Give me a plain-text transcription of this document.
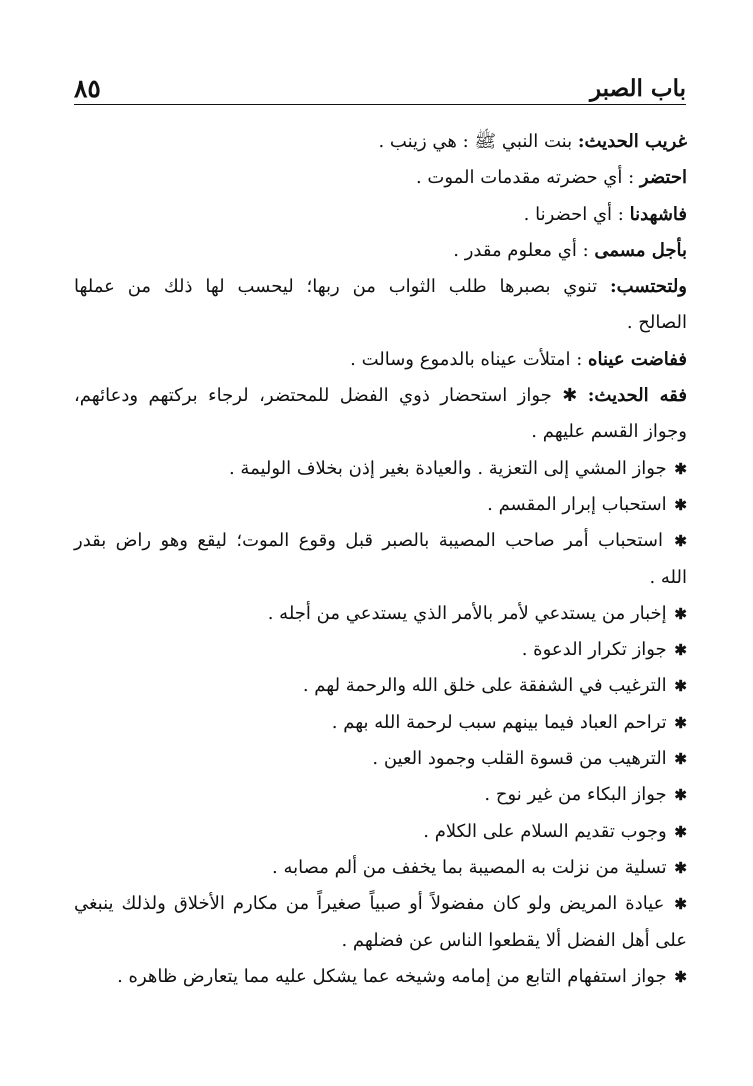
باب الصبر
٨٥
غريب الحديث: بنت النبي ﷺ : هي زينب .
احتضر : أي حضرته مقدمات الموت .
فاشهدنا : أي احضرنا .
بأجل مسمى : أي معلوم مقدر .
ولتحتسب: تنوي بصبرها طلب الثواب من ربها؛ ليحسب لها ذلك من عملها
الصالح .
ففاضت عيناه : امتلأت عيناه بالدموع وسالت .
فقه الحديث: ✱ جواز استحضار ذوي الفضل للمحتضر، لرجاء بركتهم ودعائهم،
وجواز القسم عليهم .
✱ جواز المشي إلى التعزية . والعيادة بغير إذن بخلاف الوليمة .
✱ استحباب إبرار المقسم .
✱ استحباب أمر صاحب المصيبة بالصبر قبل وقوع الموت؛ ليقع وهو راض بقدر
الله .
✱ إخبار من يستدعي لأمر بالأمر الذي يستدعي من أجله .
✱ جواز تكرار الدعوة .
✱ الترغيب في الشفقة على خلق الله والرحمة لهم .
✱ تراحم العباد فيما بينهم سبب لرحمة الله بهم .
✱ الترهيب من قسوة القلب وجمود العين .
✱ جواز البكاء من غير نوح .
✱ وجوب تقديم السلام على الكلام .
✱ تسلية من نزلت به المصيبة بما يخفف من ألم مصابه .
✱ عيادة المريض ولو كان مفضولاً أو صبياً صغيراً من مكارم الأخلاق ولذلك ينبغي
على أهل الفضل ألا يقطعوا الناس عن فضلهم .
✱ جواز استفهام التابع من إمامه وشيخه عما يشكل عليه مما يتعارض ظاهره .
